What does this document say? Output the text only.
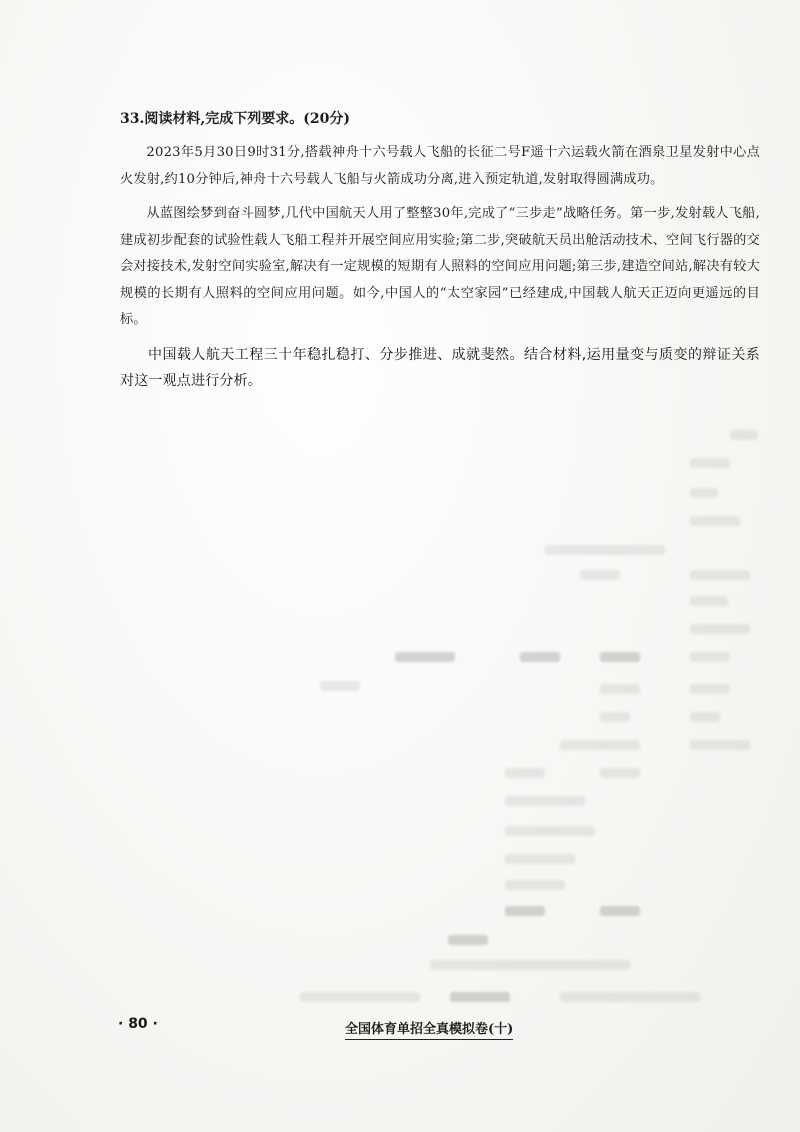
33.阅读材料,完成下列要求。(20分)

2023年5月30日9时31分,搭载神舟十六号载人飞船的长征二号F遥十六运载火箭在酒泉卫星发射中心点火发射,约10分钟后,神舟十六号载人飞船与火箭成功分离,进入预定轨道,发射取得圆满成功。

从蓝图绘梦到奋斗圆梦,几代中国航天人用了整整30年,完成了“三步走”战略任务。第一步,发射载人飞船,建成初步配套的试验性载人飞船工程并开展空间应用实验;第二步,突破航天员出舱活动技术、空间飞行器的交会对接技术,发射空间实验室,解决有一定规模的短期有人照料的空间应用问题;第三步,建造空间站,解决有较大规模的长期有人照料的空间应用问题。如今,中国人的“太空家园”已经建成,中国载人航天正迈向更遥远的目标。

中国载人航天工程三十年稳扎稳打、分步推进、成就斐然。结合材料,运用量变与质变的辩证关系对这一观点进行分析。

· 80 ·	全国体育单招全真模拟卷(十)
